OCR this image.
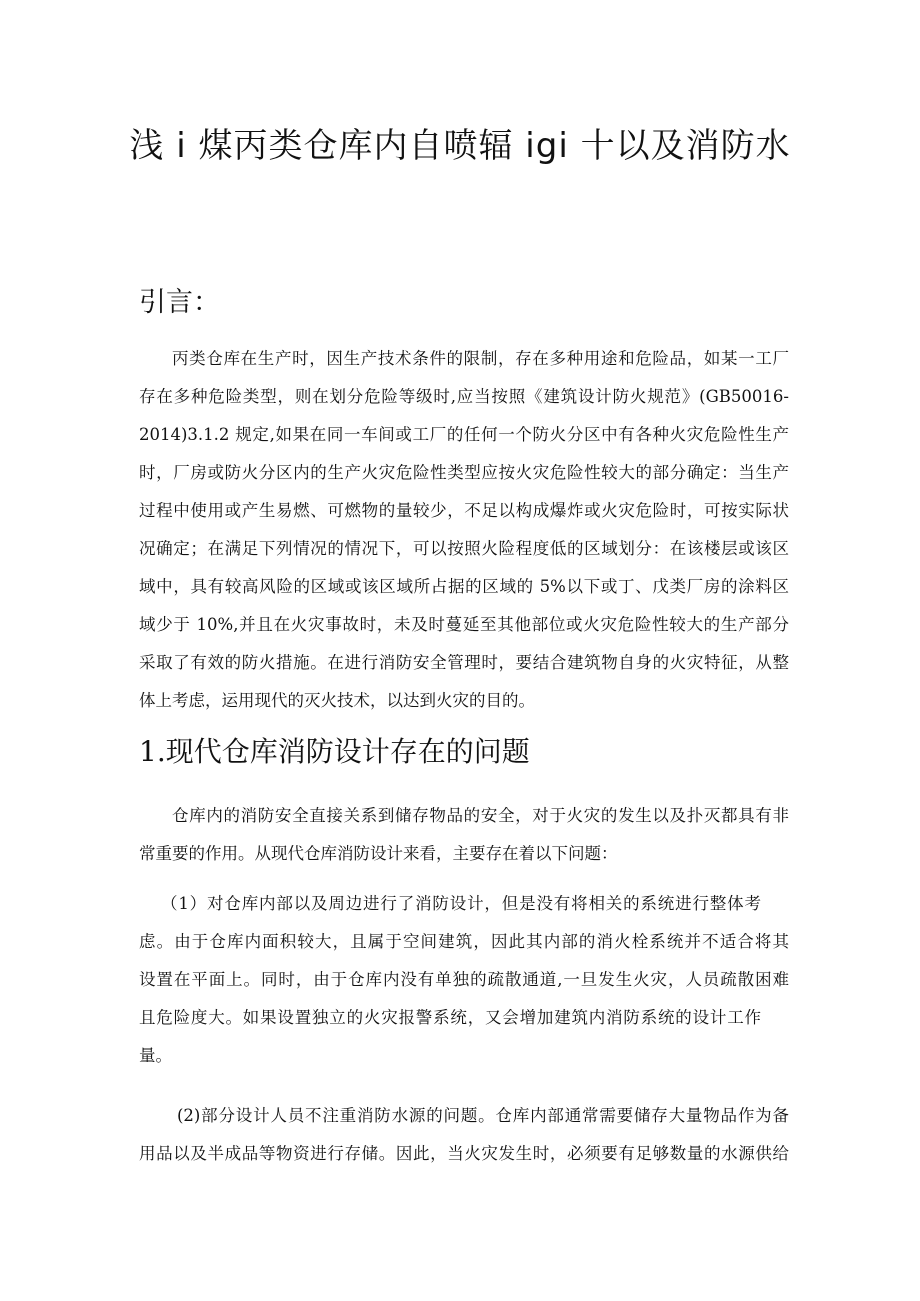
浅 i 煤丙类仓库内自喷辐 igi 十以及消防水
引言：
丙类仓库在生产时，因生产技术条件的限制，存在多种用途和危险品，如某一工厂
存在多种危险类型，则在划分危险等级时,应当按照《建筑设计防火规范》(GB50016-
2014)3.1.2 规定,如果在同一车间或工厂的任何一个防火分区中有各种火灾危险性生产
时，厂房或防火分区内的生产火灾危险性类型应按火灾危险性较大的部分确定：当生产
过程中使用或产生易燃、可燃物的量较少，不足以构成爆炸或火灾危险时，可按实际状
况确定；在满足下列情况的情况下，可以按照火险程度低的区域划分：在该楼层或该区
域中，具有较高风险的区域或该区域所占据的区域的 5%以下或丁、戊类厂房的涂料区
域少于 10%,并且在火灾事故时，未及时蔓延至其他部位或火灾危险性较大的生产部分
采取了有效的防火措施。在进行消防安全管理时，要结合建筑物自身的火灾特征，从整
体上考虑，运用现代的灭火技术，以达到火灾的目的。
1.现代仓库消防设计存在的问题
仓库内的消防安全直接关系到储存物品的安全，对于火灾的发生以及扑灭都具有非
常重要的作用。从现代仓库消防设计来看，主要存在着以下问题：
（1）对仓库内部以及周边进行了消防设计，但是没有将相关的系统进行整体考
虑。由于仓库内面积较大，且属于空间建筑，因此其内部的消火栓系统并不适合将其
设置在平面上。同时，由于仓库内没有单独的疏散通道,一旦发生火灾，人员疏散困难
且危险度大。如果设置独立的火灾报警系统，又会增加建筑内消防系统的设计工作
量。
(2)部分设计人员不注重消防水源的问题。仓库内部通常需要储存大量物品作为备
用品以及半成品等物资进行存储。因此，当火灾发生时，必须要有足够数量的水源供给
